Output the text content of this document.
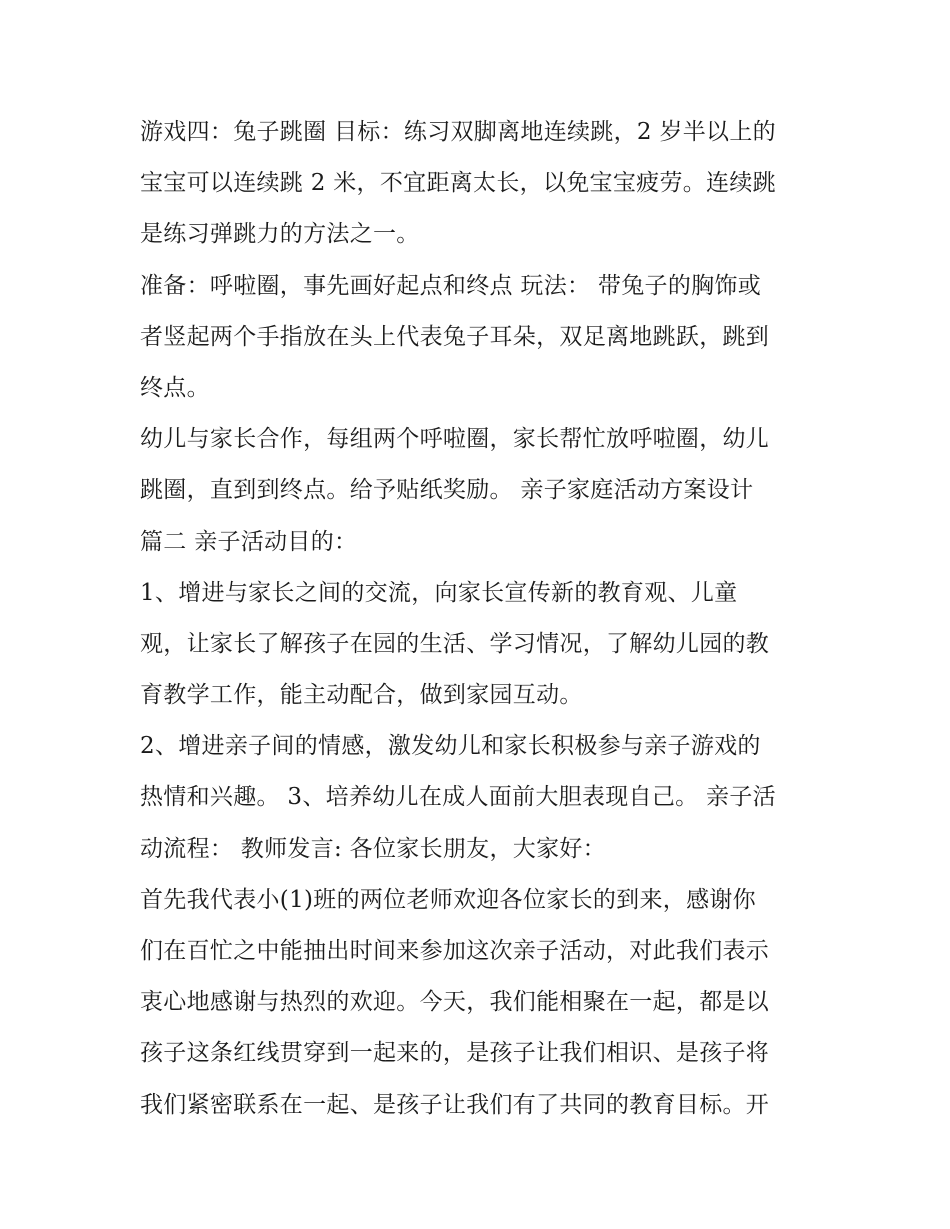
游戏四：兔子跳圈 目标：练习双脚离地连续跳，2 岁半以上的
宝宝可以连续跳 2 米，不宜距离太长，以免宝宝疲劳。连续跳
是练习弹跳力的方法之一。
准备：呼啦圈，事先画好起点和终点 玩法： 带兔子的胸饰或
者竖起两个手指放在头上代表兔子耳朵，双足离地跳跃，跳到
终点。
幼儿与家长合作，每组两个呼啦圈，家长帮忙放呼啦圈，幼儿
跳圈，直到到终点。给予贴纸奖励。 亲子家庭活动方案设计
篇二 亲子活动目的：
1、增进与家长之间的交流，向家长宣传新的教育观、儿童
观，让家长了解孩子在园的生活、学习情况，了解幼儿园的教
育教学工作，能主动配合，做到家园互动。
2、增进亲子间的情感，激发幼儿和家长积极参与亲子游戏的
热情和兴趣。 3、培养幼儿在成人面前大胆表现自己。 亲子活
动流程： 教师发言: 各位家长朋友，大家好：
首先我代表小(1)班的两位老师欢迎各位家长的到来，感谢你
们在百忙之中能抽出时间来参加这次亲子活动，对此我们表示
衷心地感谢与热烈的欢迎。今天，我们能相聚在一起，都是以
孩子这条红线贯穿到一起来的，是孩子让我们相识、是孩子将
我们紧密联系在一起、是孩子让我们有了共同的教育目标。开
